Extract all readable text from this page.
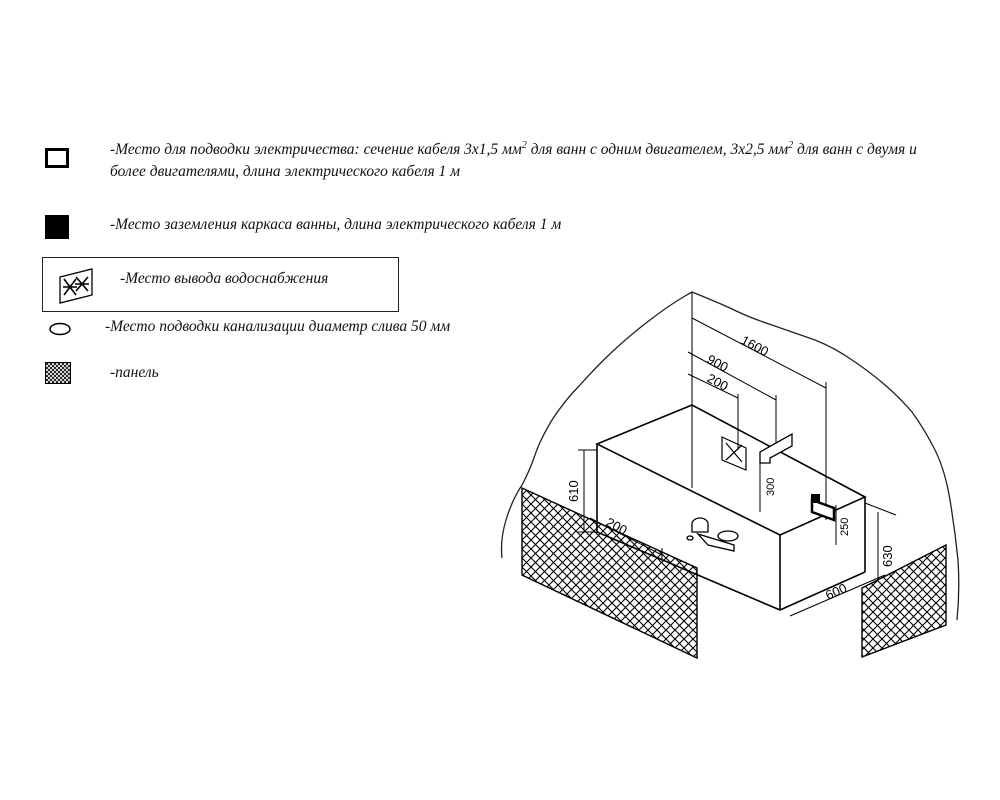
-Место для подводки электричества: сечение кабеля 3х1,5 $мм^2$ для ванн с одним двигателем, 3х2,5 $мм^2$ для ванн с двумя и
более двигателями, длина электрического кабеля 1 м
-Место заземления каркаса ванны, длина электрического кабеля 1 м
-Место вывода водоснабжения
-Место подводки канализации диаметр слива 50 мм
-панель
1600
900
200
610	300
250
630
200
600
